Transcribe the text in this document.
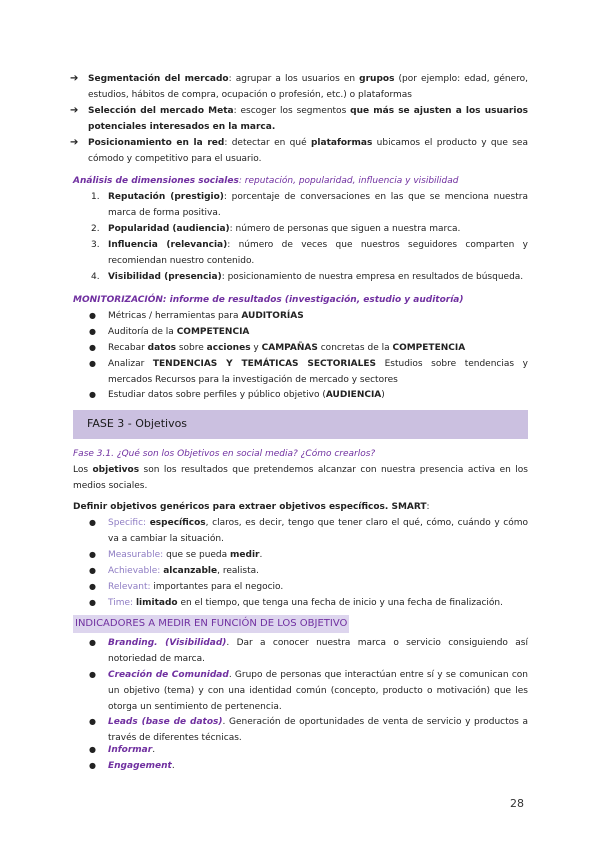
➔ Segmentación del mercado: agrupar a los usuarios en grupos (por ejemplo: edad, género, estudios, hábitos de compra, ocupación o profesión, etc.) o plataformas
➔ Selección del mercado Meta: escoger los segmentos que más se ajusten a los usuarios potenciales interesados en la marca.
➔ Posicionamiento en la red: detectar en qué plataformas ubicamos el producto y que sea cómodo y competitivo para el usuario.
Análisis de dimensiones sociales: reputación, popularidad, influencia y visibilidad
1. Reputación (prestigio): porcentaje de conversaciones en las que se menciona nuestra marca de forma positiva.
2. Popularidad (audiencia): número de personas que siguen a nuestra marca.
3. Influencia (relevancia): número de veces que nuestros seguidores comparten y recomiendan nuestro contenido.
4. Visibilidad (presencia): posicionamiento de nuestra empresa en resultados de búsqueda.
MONITORIZACIÓN: informe de resultados (investigación, estudio y auditoría)
● Métricas / herramientas para AUDITORÍAS
● Auditoría de la COMPETENCIA
● Recabar datos sobre acciones y CAMPAÑAS concretas de la COMPETENCIA
● Analizar TENDENCIAS Y TEMÁTICAS SECTORIALES Estudios sobre tendencias y mercados Recursos para la investigación de mercado y sectores
● Estudiar datos sobre perfiles y público objetivo (AUDIENCIA)
FASE 3 - Objetivos
Fase 3.1. ¿Qué son los Objetivos en social media? ¿Cómo crearlos?
Los objetivos son los resultados que pretendemos alcanzar con nuestra presencia activa en los medios sociales.
Definir objetivos genéricos para extraer objetivos específicos. SMART:
● Specific: específicos, claros, es decir, tengo que tener claro el qué, cómo, cuándo y cómo va a cambiar la situación.
● Measurable: que se pueda medir.
● Achievable: alcanzable, realista.
● Relevant: importantes para el negocio.
● Time: limitado en el tiempo, que tenga una fecha de inicio y una fecha de finalización.
INDICADORES A MEDIR EN FUNCIÓN DE LOS OBJETIVO
● Branding. (Visibilidad). Dar a conocer nuestra marca o servicio consiguiendo así notoriedad de marca.
● Creación de Comunidad. Grupo de personas que interactúan entre sí y se comunican con un objetivo (tema) y con una identidad común (concepto, producto o motivación) que les otorga un sentimiento de pertenencia.
● Leads (base de datos). Generación de oportunidades de venta de servicio y productos a través de diferentes técnicas.
● Informar.
● Engagement.
28
